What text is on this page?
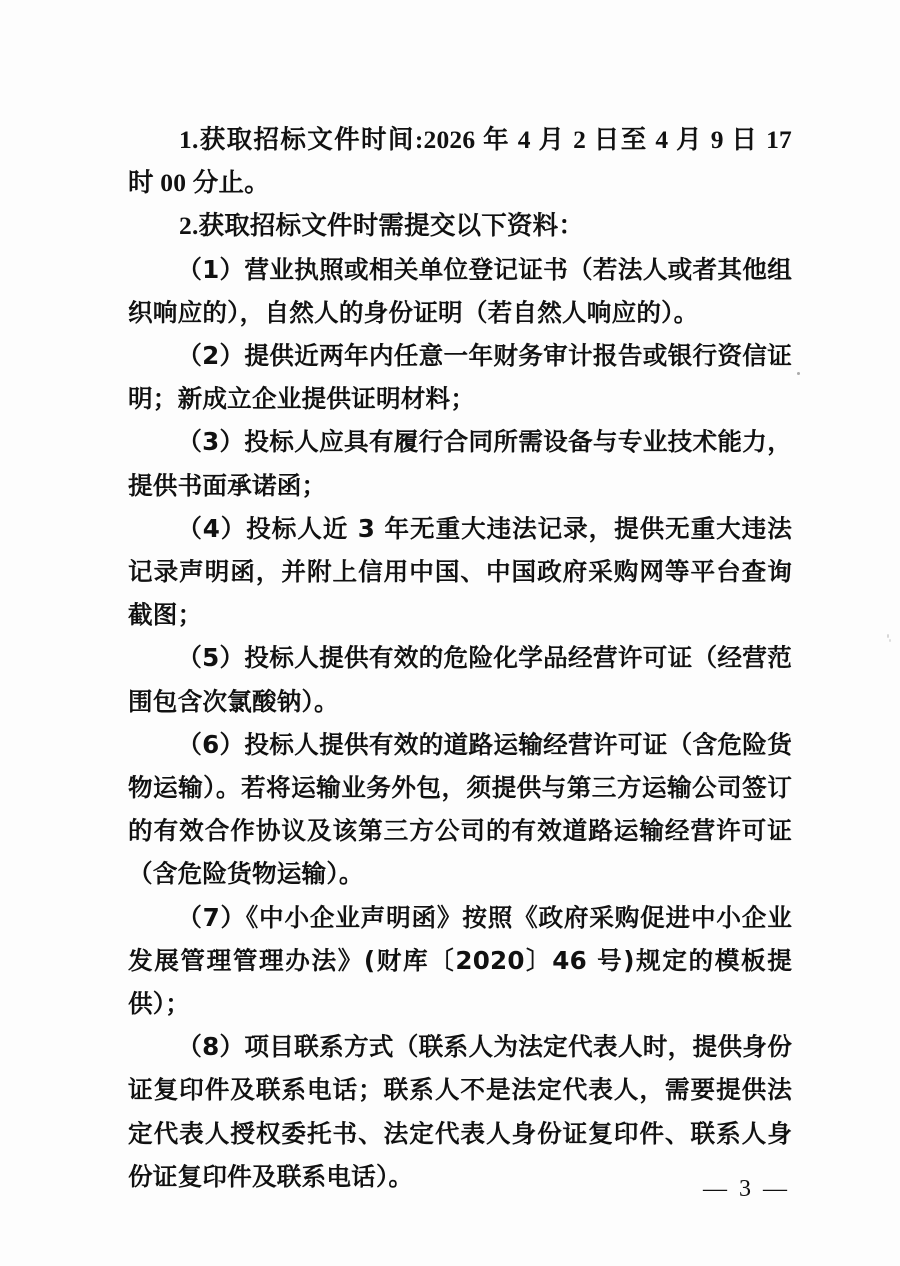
1.获取招标文件时间:2026 年 4 月 2 日至 4 月 9 日 17 时 00 分止。

2.获取招标文件时需提交以下资料：

（1）营业执照或相关单位登记证书（若法人或者其他组织响应的），自然人的身份证明（若自然人响应的）。

（2）提供近两年内任意一年财务审计报告或银行资信证明；新成立企业提供证明材料；

（3）投标人应具有履行合同所需设备与专业技术能力，提供书面承诺函；

（4）投标人近 3 年无重大违法记录，提供无重大违法记录声明函，并附上信用中国、中国政府采购网等平台查询截图；

（5）投标人提供有效的危险化学品经营许可证（经营范围包含次氯酸钠）。

（6）投标人提供有效的道路运输经营许可证（含危险货物运输）。若将运输业务外包，须提供与第三方运输公司签订的有效合作协议及该第三方公司的有效道路运输经营许可证（含危险货物运输）。

（7）《中小企业声明函》按照《政府采购促进中小企业发展管理管理办法》(财库〔2020〕46 号)规定的模板提供）；

（8）项目联系方式（联系人为法定代表人时，提供身份证复印件及联系电话；联系人不是法定代表人，需要提供法定代表人授权委托书、法定代表人身份证复印件、联系人身份证复印件及联系电话）。	— 3 —
